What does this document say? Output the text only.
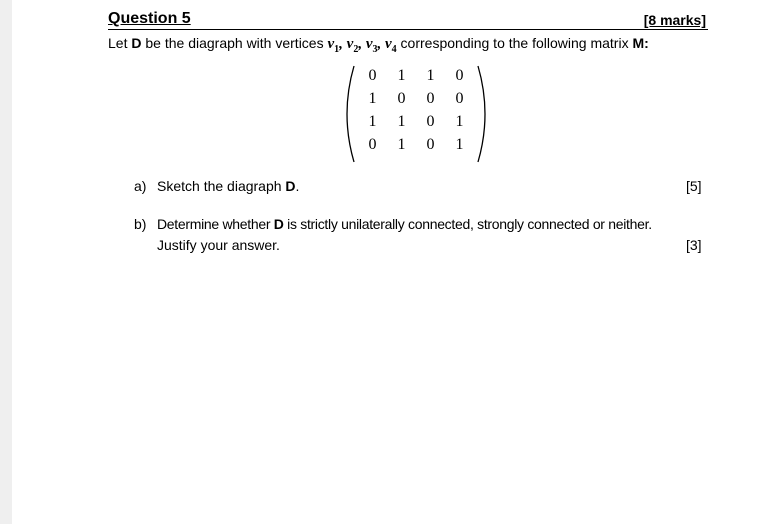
Question 5	[8 marks]
Let D be the diagraph with vertices $v_1$, $v_2$, $v_3$, $v_4$ corresponding to the following matrix M:
0	1	1	0
1	0	0	0
1	1	0	1
0	1	0	1
a) Sketch the diagraph D.	[5]
b) Determine whether D is strictly unilaterally connected, strongly connected or neither.
Justify your answer.	[3]
